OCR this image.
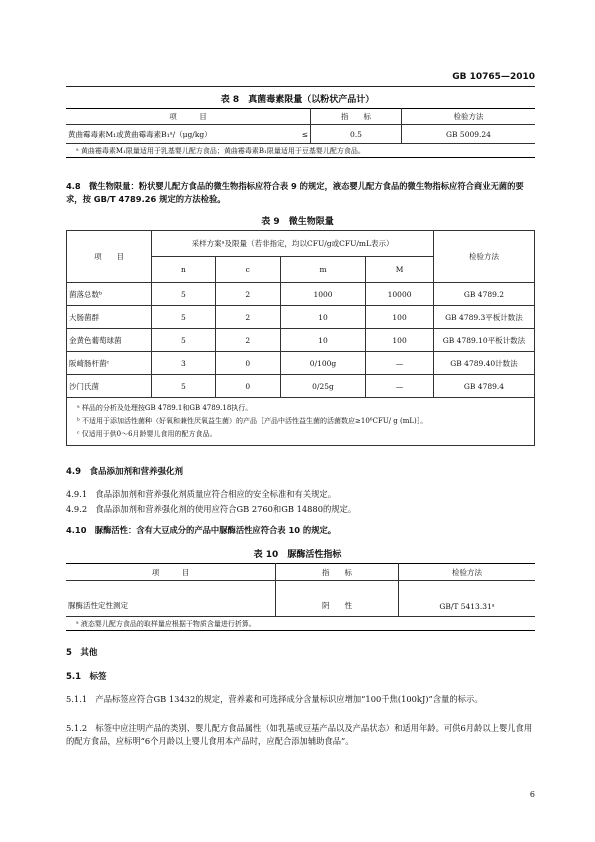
GB 10765—2010
表 8　真菌毒素限量（以粉状产品计）
项　　　目		指　　标	检验方法
黄曲霉毒素M₁或黄曲霉毒素B₁ᵃ/（μg/kg）	≤	0.5	GB 5009.24
ᵃ 黄曲霉毒素M₁限量适用于乳基婴儿配方食品；黄曲霉毒素B₁限量适用于豆基婴儿配方食品。			
4.8　微生物限量：粉状婴儿配方食品的微生物指标应符合表 9 的规定，液态婴儿配方食品的微生物指标应符合商业无菌的要求，按 GB/T 4789.26 规定的方法检验。
表 9　微生物限量
项　　目	采样方案ᵃ及限量（若非指定，均以CFU/g或CFU/mL表示）				检验方法
	n	c	m	M	
菌落总数ᵇ	5	2	1000	10000	GB 4789.2
大肠菌群	5	2	10	100	GB 4789.3平板计数法
金黄色葡萄球菌	5	2	10	100	GB 4789.10平板计数法
阪崎肠杆菌ᶜ	3	0	0/100g	—	GB 4789.40计数法
沙门氏菌	5	0	0/25g	—	GB 4789.4

ᵃ 样品的分析及处理按GB 4789.1和GB 4789.18执行。
ᵇ 不适用于添加活性菌种（好氧和兼性厌氧益生菌）的产品［产品中活性益生菌的活菌数应≥10⁶CFU/ g (mL)］。
ᶜ 仅适用于供0～6月龄婴儿食用的配方食品。					
4.9　食品添加剂和营养强化剂
4.9.1　食品添加剂和营养强化剂质量应符合相应的安全标准和有关规定。
4.9.2　食品添加剂和营养强化剂的使用应符合GB 2760和GB 14880的规定。
4.10　脲酶活性：含有大豆成分的产品中脲酶活性应符合表 10 的规定。
表 10　脲酶活性指标
项　　　目	指　　标	检验方法
脲酶活性定性测定	阴　　性	GB/T 5413.31ᵃ
ᵃ 液态婴儿配方食品的取样量应根据干物质含量进行折算。		
5　其他
5.1　标签
5.1.1　产品标签应符合GB 13432的规定，营养素和可选择成分含量标识应增加“100千焦(100kJ)”含量的标示。
5.1.2　标签中应注明产品的类别、婴儿配方食品属性（如乳基或豆基产品以及产品状态）和适用年龄。可供6月龄以上婴儿食用的配方食品，应标明“6个月龄以上婴儿食用本产品时，应配合添加辅助食品”。
6
